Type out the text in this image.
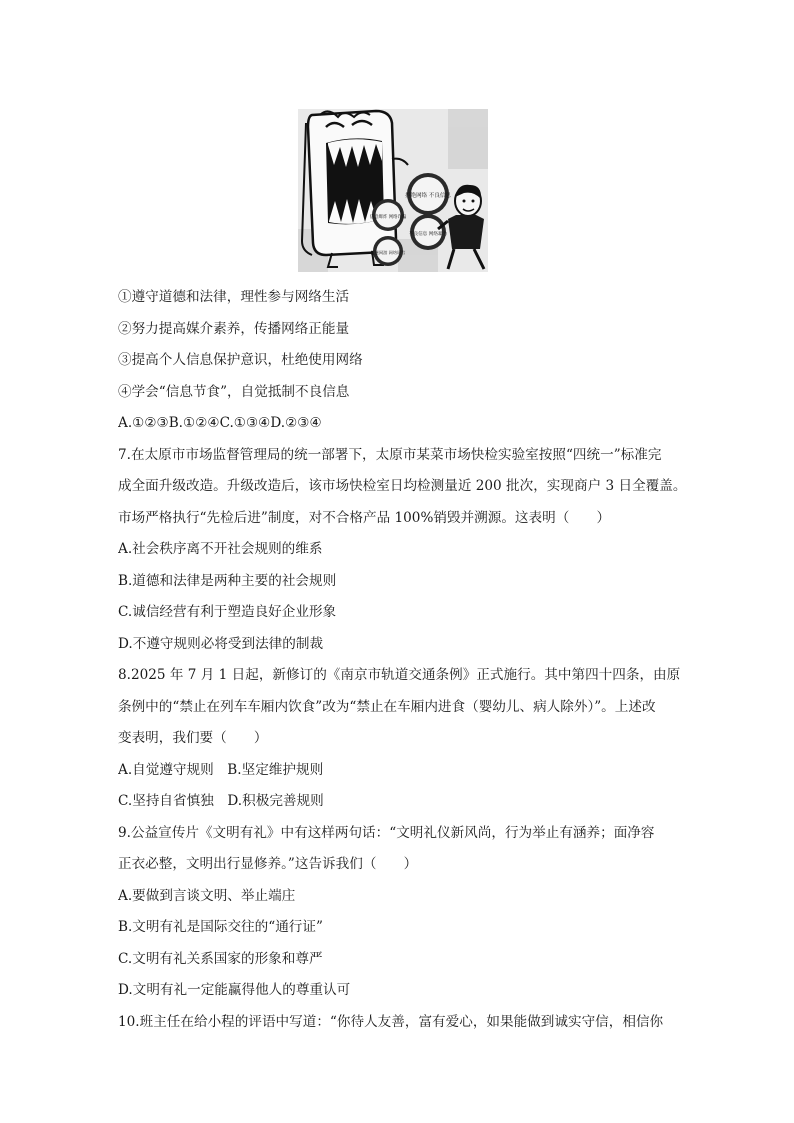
拒绝网络 不良信息
信息爆炸 网络诈骗
不良信息 网络暴力
沉迷网游 网络谣言
①遵守道德和法律，理性参与网络生活
②努力提高媒介素养，传播网络正能量
③提高个人信息保护意识，杜绝使用网络
④学会“信息节食”，自觉抵制不良信息
A.①②③B.①②④C.①③④D.②③④
7.在太原市市场监督管理局的统一部署下，太原市某菜市场快检实验室按照“四统一”标准完
成全面升级改造。升级改造后，该市场快检室日均检测量近 200 批次，实现商户 3 日全覆盖。
市场严格执行“先检后进”制度，对不合格产品 100%销毁并溯源。这表明（　　）
A.社会秩序离不开社会规则的维系
B.道德和法律是两种主要的社会规则
C.诚信经营有利于塑造良好企业形象
D.不遵守规则必将受到法律的制裁
8.2025 年 7 月 1 日起，新修订的《南京市轨道交通条例》正式施行。其中第四十四条，由原
条例中的“禁止在列车车厢内饮食”改为“禁止在车厢内进食（婴幼儿、病人除外）”。上述改
变表明，我们要（　　）
A.自觉遵守规则　B.坚定维护规则
C.坚持自省慎独　D.积极完善规则
9.公益宣传片《文明有礼》中有这样两句话：“文明礼仪新风尚，行为举止有涵养；面净容
正衣必整，文明出行显修养。”这告诉我们（　　）
A.要做到言谈文明、举止端庄
B.文明有礼是国际交往的“通行证”
C.文明有礼关系国家的形象和尊严
D.文明有礼一定能赢得他人的尊重认可
10.班主任在给小程的评语中写道：“你待人友善，富有爱心，如果能做到诚实守信，相信你
